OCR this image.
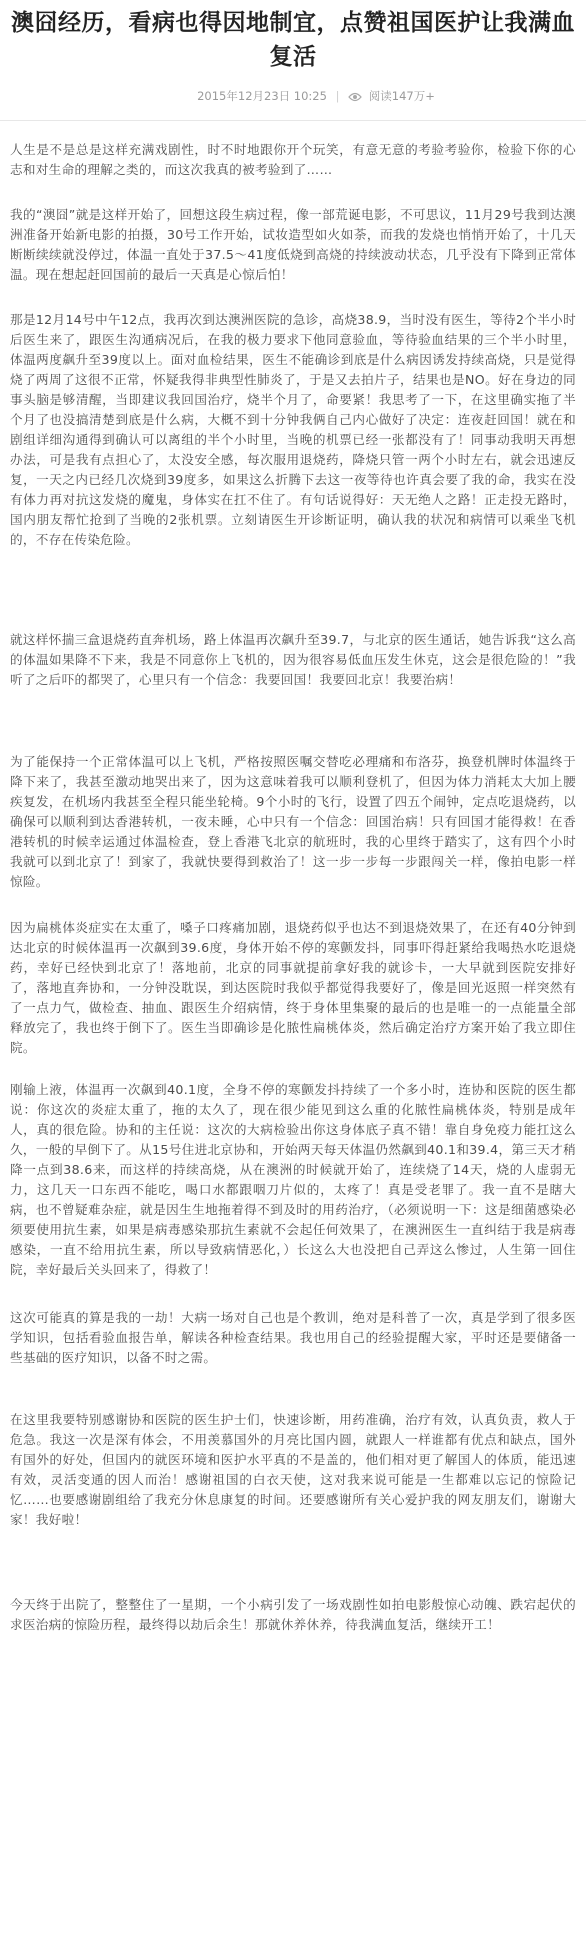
澳囧经历，看病也得因地制宜，点赞祖国医护让我满血复活
2015年12月23日 10:25 |	阅读147万+

人生是不是总是这样充满戏剧性，时不时地跟你开个玩笑，有意无意的考验考验你，检验下你的心志和对生命的理解之类的，而这次我真的被考验到了……

我的“澳囧”就是这样开始了，回想这段生病过程，像一部荒诞电影，不可思议，11月29号我到达澳洲准备开始新电影的拍摄，30号工作开始，试妆造型如火如荼，而我的发烧也悄悄开始了，十几天断断续续就没停过，体温一直处于37.5～41度低烧到高烧的持续波动状态，几乎没有下降到正常体温。现在想起赶回国前的最后一天真是心惊后怕！

那是12月14号中午12点，我再次到达澳洲医院的急诊，高烧38.9，当时没有医生，等待2个半小时后医生来了，跟医生沟通病况后，在我的极力要求下他同意验血，等待验血结果的三个半小时里，体温两度飙升至39度以上。面对血检结果，医生不能确诊到底是什么病因诱发持续高烧，只是觉得烧了两周了这很不正常，怀疑我得非典型性肺炎了，于是又去拍片子，结果也是NO。好在身边的同事头脑是够清醒，当即建议我回国治疗，烧半个月了，命要紧！我思考了一下，在这里确实拖了半个月了也没搞清楚到底是什么病，大概不到十分钟我俩自己内心做好了决定：连夜赶回国！就在和剧组详细沟通得到确认可以离组的半个小时里，当晚的机票已经一张都没有了！同事动我明天再想办法，可是我有点担心了，太没安全感，每次服用退烧药，降烧只管一两个小时左右，就会迅速反复，一天之内已经几次烧到39度多，如果这么折腾下去这一夜等待也许真会要了我的命，我实在没有体力再对抗这发烧的魔鬼，身体实在扛不住了。有句话说得好：天无绝人之路！正走投无路时，国内朋友帮忙抢到了当晚的2张机票。立刻请医生开诊断证明，确认我的状况和病情可以乘坐飞机的，不存在传染危险。

就这样怀揣三盒退烧药直奔机场，路上体温再次飙升至39.7，与北京的医生通话，她告诉我“这么高的体温如果降不下来，我是不同意你上飞机的，因为很容易低血压发生休克，这会是很危险的！”我听了之后吓的都哭了，心里只有一个信念：我要回国！我要回北京！我要治病！

为了能保持一个正常体温可以上飞机，严格按照医嘱交替吃必理痛和布洛芬，换登机牌时体温终于降下来了，我甚至激动地哭出来了，因为这意味着我可以顺利登机了，但因为体力消耗太大加上腰疾复发，在机场内我甚至全程只能坐轮椅。9个小时的飞行，设置了四五个闹钟，定点吃退烧药，以确保可以顺利到达香港转机，一夜未睡，心中只有一个信念：回国治病！只有回国才能得救！在香港转机的时候幸运通过体温检查，登上香港飞北京的航班时，我的心里终于踏实了，这有四个小时我就可以到北京了！到家了，我就快要得到救治了！这一步一步每一步跟闯关一样，像拍电影一样惊险。

因为扁桃体炎症实在太重了，嗓子口疼痛加剧，退烧药似乎也达不到退烧效果了，在还有40分钟到达北京的时候体温再一次飙到39.6度，身体开始不停的寒颤发抖，同事吓得赶紧给我喝热水吃退烧药，幸好已经快到北京了！落地前，北京的同事就提前拿好我的就诊卡，一大早就到医院安排好了，落地直奔协和，一分钟没耽误，到达医院时我似乎都觉得我要好了，像是回光返照一样突然有了一点力气，做检查、抽血、跟医生介绍病情，终于身体里集聚的最后的也是唯一的一点能量全部释放完了，我也终于倒下了。医生当即确诊是化脓性扁桃体炎，然后确定治疗方案开始了我立即住院。

刚输上液，体温再一次飙到40.1度，全身不停的寒颤发抖持续了一个多小时，连协和医院的医生都说：你这次的炎症太重了，拖的太久了，现在很少能见到这么重的化脓性扁桃体炎，特别是成年人，真的很危险。协和的主任说：这次的大病检验出你这身体底子真不错！靠自身免疫力能扛这么久，一般的早倒下了。从15号住进北京协和，开始两天每天体温仍然飙到40.1和39.4，第三天才稍降一点到38.6来，而这样的持续高烧，从在澳洲的时候就开始了，连续烧了14天，烧的人虚弱无力，这几天一口东西不能吃，喝口水都跟咽刀片似的，太疼了！真是受老罪了。我一直不是瞎大病，也不曾疑难杂症，就是因生生地拖着得不到及时的用药治疗，（必须说明一下：这是细菌感染必须要使用抗生素，如果是病毒感染那抗生素就不会起任何效果了，在澳洲医生一直纠结于我是病毒感染，一直不给用抗生素，所以导致病情恶化，）长这么大也没把自己弄这么惨过，人生第一回住院，幸好最后关头回来了，得救了！

这次可能真的算是我的一劫！大病一场对自己也是个教训，绝对是科普了一次，真是学到了很多医学知识，包括看验血报告单，解读各种检查结果。我也用自己的经验提醒大家，平时还是要储备一些基础的医疗知识，以备不时之需。

在这里我要特别感谢协和医院的医生护士们，快速诊断，用药准确，治疗有效，认真负责，救人于危急。我这一次是深有体会，不用羡慕国外的月亮比国内圆，就跟人一样谁都有优点和缺点，国外有国外的好处，但国内的就医环境和医护水平真的不是盖的，他们相对更了解国人的体质，能迅速有效，灵活变通的因人而治！感谢祖国的白衣天使，这对我来说可能是一生都难以忘记的惊险记忆……也要感谢剧组给了我充分休息康复的时间。还要感谢所有关心爱护我的网友朋友们，谢谢大家！我好啦！

今天终于出院了，整整住了一星期，一个小病引发了一场戏剧性如拍电影般惊心动魄、跌宕起伏的求医治病的惊险历程，最终得以劫后余生！那就休养休养，待我满血复活，继续开工！
